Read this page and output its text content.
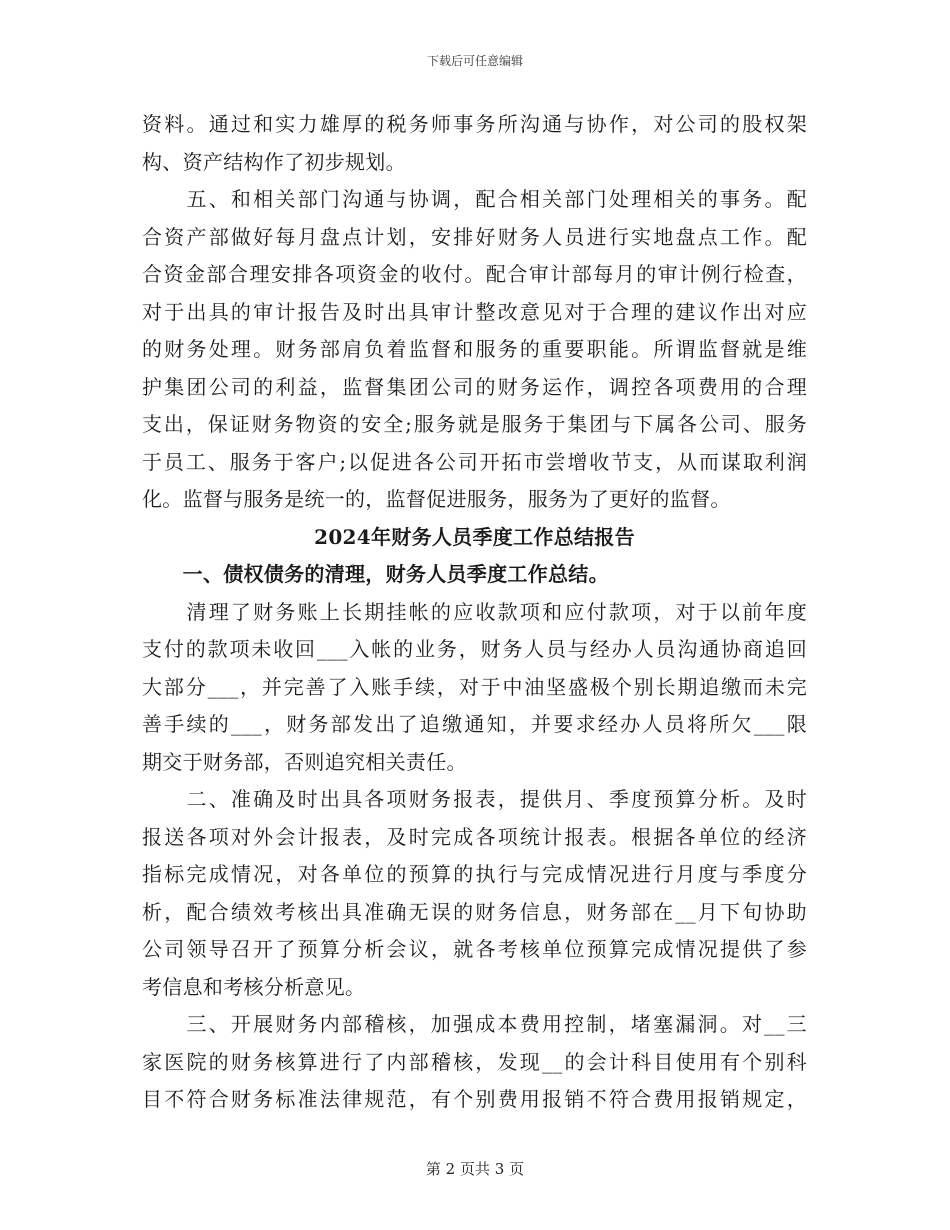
下载后可任意编辑
资料。通过和实力雄厚的税务师事务所沟通与协作，对公司的股权架
构、资产结构作了初步规划。
　　五、和相关部门沟通与协调，配合相关部门处理相关的事务。配
合资产部做好每月盘点计划，安排好财务人员进行实地盘点工作。配
合资金部合理安排各项资金的收付。配合审计部每月的审计例行检查，
对于出具的审计报告及时出具审计整改意见对于合理的建议作出对应
的财务处理。财务部肩负着监督和服务的重要职能。所谓监督就是维
护集团公司的利益，监督集团公司的财务运作，调控各项费用的合理
支出，保证财务物资的安全;服务就是服务于集团与下属各公司、服务
于员工、服务于客户;以促进各公司开拓市尝增收节支，从而谋取利润
化。监督与服务是统一的，监督促进服务，服务为了更好的监督。
2024年财务人员季度工作总结报告
　　一、债权债务的清理，财务人员季度工作总结。
　　清理了财务账上长期挂帐的应收款项和应付款项，对于以前年度
支付的款项未收回___入帐的业务，财务人员与经办人员沟通协商追回
大部分___，并完善了入账手续，对于中油坚盛极个别长期追缴而未完
善手续的___，财务部发出了追缴通知，并要求经办人员将所欠___限
期交于财务部，否则追究相关责任。
　　二、准确及时出具各项财务报表，提供月、季度预算分析。及时
报送各项对外会计报表，及时完成各项统计报表。根据各单位的经济
指标完成情况，对各单位的预算的执行与完成情况进行月度与季度分
析，配合绩效考核出具准确无误的财务信息，财务部在__月下旬协助
公司领导召开了预算分析会议，就各考核单位预算完成情况提供了参
考信息和考核分析意见。
　　三、开展财务内部稽核，加强成本费用控制，堵塞漏洞。对__三
家医院的财务核算进行了内部稽核，发现__的会计科目使用有个别科
目不符合财务标准法律规范，有个别费用报销不符合费用报销规定，
第 2 页共 3 页
